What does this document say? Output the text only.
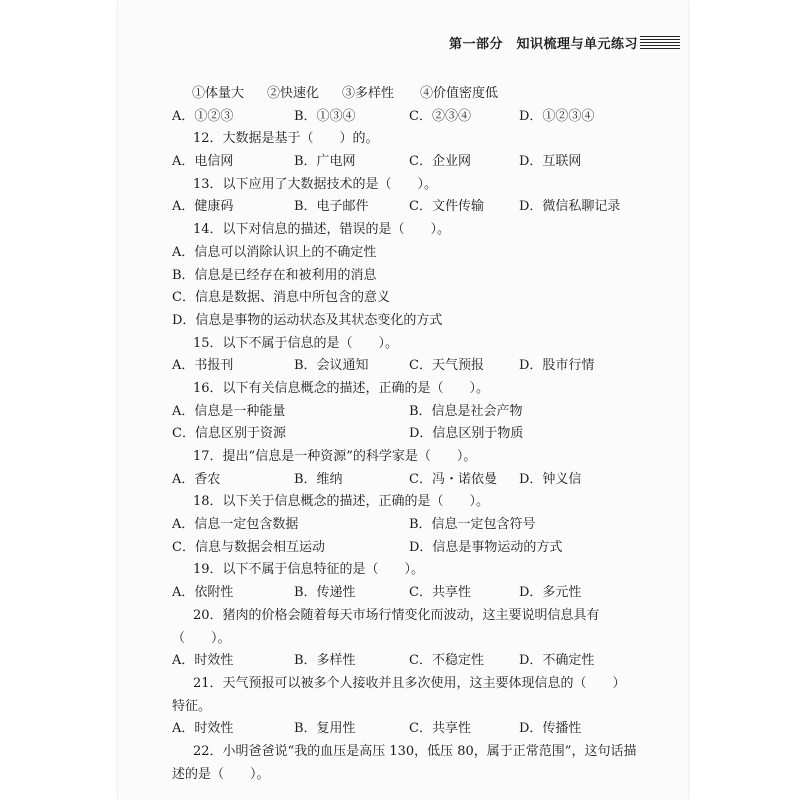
第一部分　知识梳理与单元练习
①体量大 ②快速化 ③多样性 ④价值密度低
A．①②③	B．①③④	C．②③④	D．①②③④
12．大数据是基于（　　）的。
A．电信网	B．广电网	C．企业网	D．互联网
13．以下应用了大数据技术的是（　　）。
A．健康码	B．电子邮件	C．文件传输	D．微信私聊记录
14．以下对信息的描述，错误的是（　　）。
A．信息可以消除认识上的不确定性
B．信息是已经存在和被利用的消息
C．信息是数据、消息中所包含的意义
D．信息是事物的运动状态及其状态变化的方式
15．以下不属于信息的是（　　）。
A．书报刊	B．会议通知	C．天气预报	D．股市行情
16．以下有关信息概念的描述，正确的是（　　）。
A．信息是一种能量	B．信息是社会产物
C．信息区别于资源	D．信息区别于物质
17．提出“信息是一种资源”的科学家是（　　）。
A．香农	B．维纳	C．冯・诺依曼 D．钟义信
18．以下关于信息概念的描述，正确的是（　　）。
A．信息一定包含数据	B．信息一定包含符号
C．信息与数据会相互运动	D．信息是事物运动的方式
19．以下不属于信息特征的是（　　）。
A．依附性	B．传递性	C．共享性	D．多元性
20．猪肉的价格会随着每天市场行情变化而波动，这主要说明信息具有
（　　）。
A．时效性	B．多样性	C．不稳定性	D．不确定性
21．天气预报可以被多个人接收并且多次使用，这主要体现信息的（　　）
特征。
A．时效性	B．复用性	C．共享性	D．传播性
22．小明爸爸说“我的血压是高压 130，低压 80，属于正常范围”，这句话描
述的是（　　）。
